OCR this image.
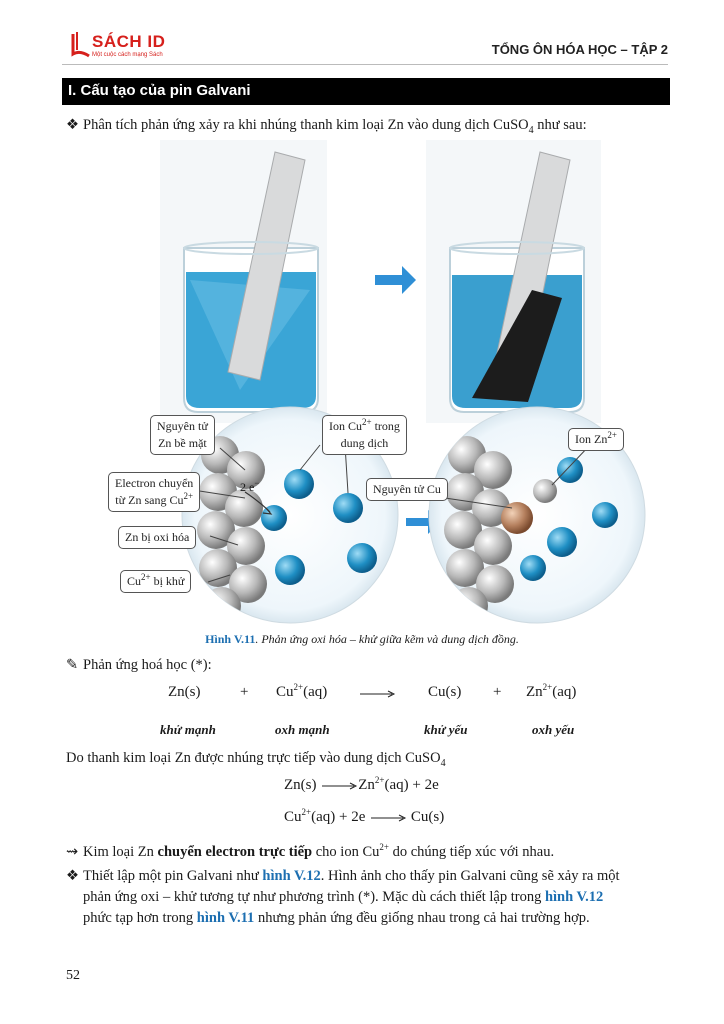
SÁCH ID
Một cuộc cách mạng Sách	TỔNG ÔN HÓA HỌC – TẬP 2
I. Cấu tạo của pin Galvani
❖ Phân tích phản ứng xảy ra khi nhúng thanh kim loại Zn vào dung dịch CuSO$_4$ như sau:
Nguyên tử
Zn bề mặt
Ion $Cu^{2+}$ trong
dung dịch
Electron chuyển
từ Zn sang $Cu^{2+}$
Zn bị oxi hóa
$Cu^{2+}$ bị khử
Nguyên tử Cu
Ion $Zn^{2+}$
2 e−
Hình V.11. Phản ứng oxi hóa – khử giữa kẽm và dung dịch đồng.
✎ Phản ứng hoá học (*):
Zn(s)	+ $Cu^{2+}(aq)$	$Cu(s) + Zn^{2+}(aq)$
khử mạnh	oxh mạnh	khử yếu	oxh yếu
Do thanh kim loại Zn được nhúng trực tiếp vào dung dịch CuSO$_4$
$Zn(s) \to Zn^{2+}(aq) + 2e$
$Cu^{2+}(aq) + 2e \to Cu(s)$
⇝ Kim loại Zn chuyển electron trực tiếp cho ion $Cu^{2+}$ do chúng tiếp xúc với nhau.
❖ Thiết lập một pin Galvani như hình V.12. Hình ảnh cho thấy pin Galvani cũng sẽ xảy ra một
phản ứng oxi – khử tương tự như phương trình (*). Mặc dù cách thiết lập trong hình V.12
phức tạp hơn trong hình V.11 nhưng phản ứng đều giống nhau trong cả hai trường hợp.
52
